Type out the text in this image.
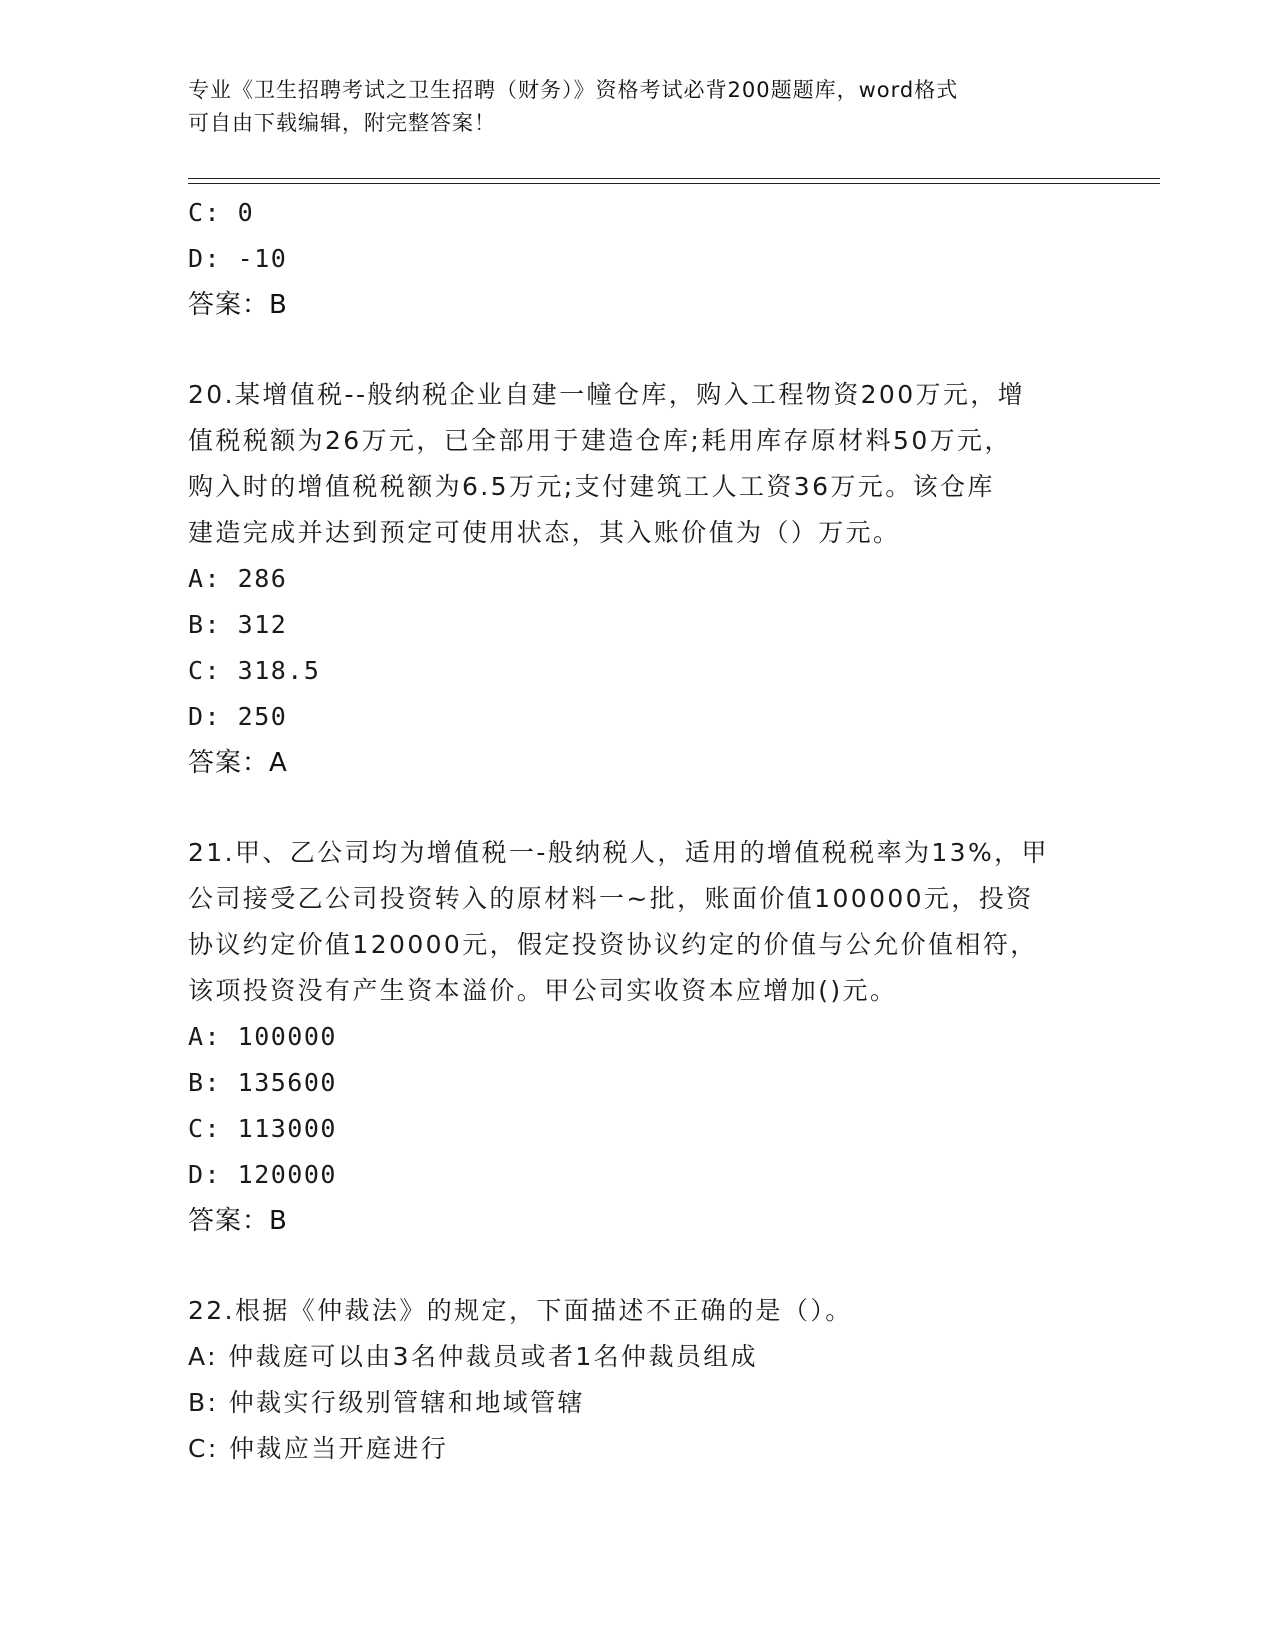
专业《卫生招聘考试之卫生招聘（财务）》资格考试必背200题题库，word格式
可自由下载编辑，附完整答案！
C: 0
D: -10
答案：B
20.某增值税--般纳税企业自建一幢仓库，购入工程物资200万元，增
值税税额为26万元，已全部用于建造仓库;耗用库存原材料50万元，
购入时的增值税税额为6.5万元;支付建筑工人工资36万元。该仓库
建造完成并达到预定可使用状态，其入账价值为（）万元。
A: 286
B: 312
C: 318.5
D: 250
答案：A
21.甲、乙公司均为增值税一-般纳税人，适用的增值税税率为13%，甲
公司接受乙公司投资转入的原材料一~批，账面价值100000元，投资
协议约定价值120000元，假定投资协议约定的价值与公允价值相符，
该项投资没有产生资本溢价。甲公司实收资本应增加()元。
A: 100000
B: 135600
C: 113000
D: 120000
答案：B
22.根据《仲裁法》的规定，下面描述不正确的是（）。
A: 仲裁庭可以由3名仲裁员或者1名仲裁员组成
B: 仲裁实行级别管辖和地域管辖
C: 仲裁应当开庭进行
